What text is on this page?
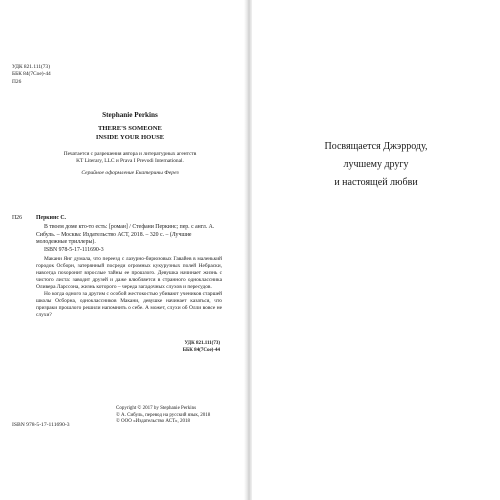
УДК 821.111(73)
ББК 84(7Сое)-44
П26
Stephanie Perkins
THERE'S SOMEONE
INSIDE YOUR HOUSE
Печатается с разрешения автора и литературных агентств
KT Literary, LLC и Prava I Prevodi International.
Серийное оформление Екатерины Ферез
П26 Перкинс С.
В твоем доме кто-то есть: [роман] / Стефани Перкинс; пер. с англ. А. Сибуль. – Москва: Издательство АСТ, 2018. – 320 с. – (Лучшие молодежные триллеры).
ISBN 978-5-17-111690-3

Макани Янг думала, что переезд с лазурно-бирюзовых Гавайев в маленький городок Осборн, затерянный посреди огромных кукурузных полей Небраски, навсегда похоронит взрослые тайны ее прошлого. Девушка начинает жизнь с чистого листа: заводит друзей и даже влюбляется в странного одноклассника Оливера Ларссона, жизнь которого – череда загадочных слухов и пересудов.

Но когда одного за другим с особой жестокостью убивают учеников старшей школы Осборна, одноклассников Макани, девушке начинает казаться, что призраки прошлого решили напомнить о себе. А может, слухи об Олли вовсе не слухи?

УДК 821.111(73)
ББК 84(7Сое)-44
ISBN 978-5-17-111690-3
Copyright © 2017 by Stephanie Perkins
© А. Сибуль, перевод на русский язык, 2018
© ООО «Издательство АСТ», 2018
Посвящается Джэрроду,
лучшему другу
и настоящей любви
